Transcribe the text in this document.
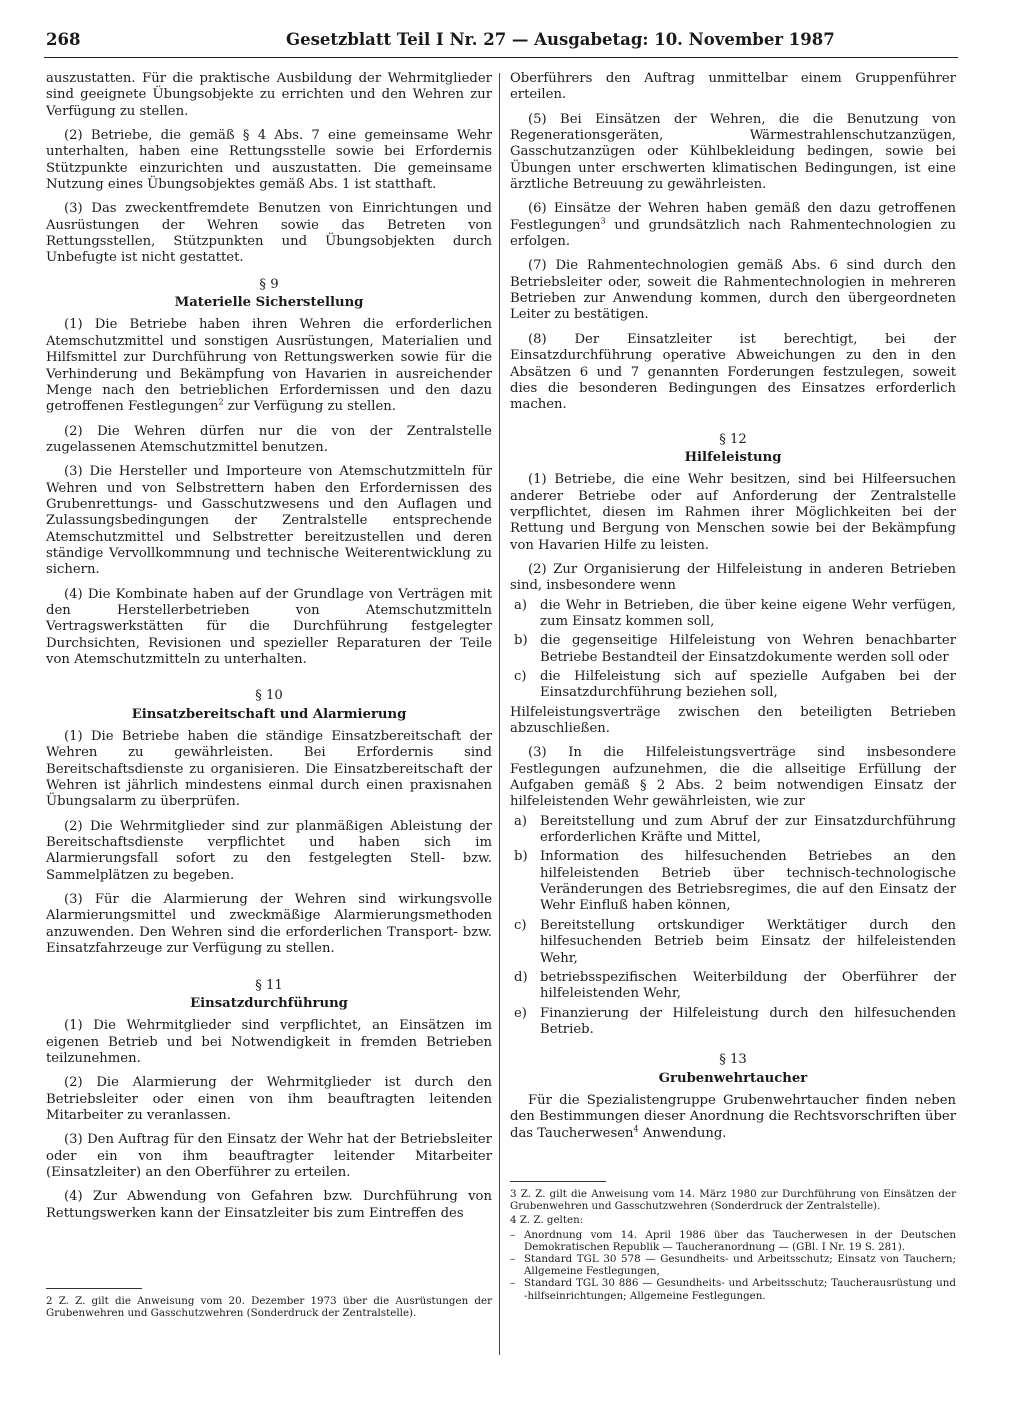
268	Gesetzblatt Teil I Nr. 27 — Ausgabetag: 10. November 1987

auszustatten. Für die praktische Ausbildung der Wehrmitglieder sind geeignete Übungsobjekte zu errichten und den Wehren zur Verfügung zu stellen.

(2) Betriebe, die gemäß § 4 Abs. 7 eine gemeinsame Wehr unterhalten, haben eine Rettungsstelle sowie bei Erfordernis Stützpunkte einzurichten und auszustatten. Die gemeinsame Nutzung eines Übungsobjektes gemäß Abs. 1 ist statthaft.

(3) Das zweckentfremdete Benutzen von Einrichtungen und Ausrüstungen der Wehren sowie das Betreten von Rettungsstellen, Stützpunkten und Übungsobjekten durch Unbefugte ist nicht gestattet.

§ 9
Materielle Sicherstellung

(1) Die Betriebe haben ihren Wehren die erforderlichen Atemschutzmittel und sonstigen Ausrüstungen, Materialien und Hilfsmittel zur Durchführung von Rettungswerken sowie für die Verhinderung und Bekämpfung von Havarien in ausreichender Menge nach den betrieblichen Erfordernissen und den dazu getroffenen Festlegungen$^2$ zur Verfügung zu stellen.

(2) Die Wehren dürfen nur die von der Zentralstelle zugelassenen Atemschutzmittel benutzen.

(3) Die Hersteller und Importeure von Atemschutzmitteln für Wehren und von Selbstrettern haben den Erfordernissen des Grubenrettungs- und Gasschutzwesens und den Auflagen und Zulassungsbedingungen der Zentralstelle entsprechende Atemschutzmittel und Selbstretter bereitzustellen und deren ständige Vervollkommnung und technische Weiterentwicklung zu sichern.

(4) Die Kombinate haben auf der Grundlage von Verträgen mit den Herstellerbetrieben von Atemschutzmitteln Vertragswerkstätten für die Durchführung festgelegter Durchsichten, Revisionen und spezieller Reparaturen der Teile von Atemschutzmitteln zu unterhalten.

§ 10
Einsatzbereitschaft und Alarmierung

(1) Die Betriebe haben die ständige Einsatzbereitschaft der Wehren zu gewährleisten. Bei Erfordernis sind Bereitschaftsdienste zu organisieren. Die Einsatzbereitschaft der Wehren ist jährlich mindestens einmal durch einen praxisnahen Übungsalarm zu überprüfen.

(2) Die Wehrmitglieder sind zur planmäßigen Ableistung der Bereitschaftsdienste verpflichtet und haben sich im Alarmierungsfall sofort zu den festgelegten Stell- bzw. Sammelplätzen zu begeben.

(3) Für die Alarmierung der Wehren sind wirkungsvolle Alarmierungsmittel und zweckmäßige Alarmierungsmethoden anzuwenden. Den Wehren sind die erforderlichen Transport- bzw. Einsatzfahrzeuge zur Verfügung zu stellen.

§ 11
Einsatzdurchführung

(1) Die Wehrmitglieder sind verpflichtet, an Einsätzen im eigenen Betrieb und bei Notwendigkeit in fremden Betrieben teilzunehmen.

(2) Die Alarmierung der Wehrmitglieder ist durch den Betriebsleiter oder einen von ihm beauftragten leitenden Mitarbeiter zu veranlassen.

(3) Den Auftrag für den Einsatz der Wehr hat der Betriebsleiter oder ein von ihm beauftragter leitender Mitarbeiter (Einsatzleiter) an den Oberführer zu erteilen.

(4) Zur Abwendung von Gefahren bzw. Durchführung von Rettungswerken kann der Einsatzleiter bis zum Eintreffen des

2 Z. Z. gilt die Anweisung vom 20. Dezember 1973 über die Ausrüstungen der Grubenwehren und Gasschutzwehren (Sonderdruck der Zentralstelle).

Oberführers den Auftrag unmittelbar einem Gruppenführer erteilen.

(5) Bei Einsätzen der Wehren, die die Benutzung von Regenerationsgeräten, Wärmestrahlenschutzanzügen, Gasschutzanzügen oder Kühlbekleidung bedingen, sowie bei Übungen unter erschwerten klimatischen Bedingungen, ist eine ärztliche Betreuung zu gewährleisten.

(6) Einsätze der Wehren haben gemäß den dazu getroffenen Festlegungen$^3$ und grundsätzlich nach Rahmentechnologien zu erfolgen.

(7) Die Rahmentechnologien gemäß Abs. 6 sind durch den Betriebsleiter oder, soweit die Rahmentechnologien in mehreren Betrieben zur Anwendung kommen, durch den übergeordneten Leiter zu bestätigen.

(8) Der Einsatzleiter ist berechtigt, bei der Einsatzdurchführung operative Abweichungen zu den in den Absätzen 6 und 7 genannten Forderungen festzulegen, soweit dies die besonderen Bedingungen des Einsatzes erforderlich machen.

§ 12
Hilfeleistung

(1) Betriebe, die eine Wehr besitzen, sind bei Hilfeersuchen anderer Betriebe oder auf Anforderung der Zentralstelle verpflichtet, diesen im Rahmen ihrer Möglichkeiten bei der Rettung und Bergung von Menschen sowie bei der Bekämpfung von Havarien Hilfe zu leisten.

(2) Zur Organisierung der Hilfeleistung in anderen Betrieben sind, insbesondere wenn

a) die Wehr in Betrieben, die über keine eigene Wehr verfügen, zum Einsatz kommen soll,
b) die gegenseitige Hilfeleistung von Wehren benachbarter Betriebe Bestandteil der Einsatzdokumente werden soll oder
c)	die Hilfeleistung sich auf spezielle Aufgaben bei der Einsatzdurchführung beziehen soll,

Hilfeleistungsverträge zwischen den beteiligten Betrieben abzuschließen.

(3) In die Hilfeleistungsverträge sind insbesondere Festlegungen aufzunehmen, die die allseitige Erfüllung der Aufgaben gemäß § 2 Abs. 2 beim notwendigen Einsatz der hilfeleistenden Wehr gewährleisten, wie zur

a) Bereitstellung und zum Abruf der zur Einsatzdurchführung erforderlichen Kräfte und Mittel,
b) Information des hilfesuchenden Betriebes an den hilfeleistenden Betrieb über technisch-technologische Veränderungen des Betriebsregimes, die auf den Einsatz der Wehr Einfluß haben können,
c)	Bereitstellung ortskundiger Werktätiger durch den hilfesuchenden Betrieb beim Einsatz der hilfeleistenden Wehr,
d) betriebsspezifischen Weiterbildung der Oberführer der hilfeleistenden Wehr,
e) Finanzierung der Hilfeleistung durch den hilfesuchenden Betrieb.
§ 13
Grubenwehrtaucher

Für die Spezialistengruppe Grubenwehrtaucher finden neben den Bestimmungen dieser Anordnung die Rechtsvorschriften über das Taucherwesen$^4$ Anwendung.

3 Z. Z. gilt die Anweisung vom 14. März 1980 zur Durchführung von Einsätzen der Grubenwehren und Gasschutzwehren (Sonderdruck der Zentralstelle).

4 Z. Z. gelten:

– Anordnung vom 14. April 1986 über das Taucherwesen in der Deutschen Demokratischen Republik — Taucheranordnung — (GBl. I Nr. 19 S. 281).
– Standard TGL 30 578 — Gesundheits- und Arbeitsschutz; Einsatz von Tauchern; Allgemeine Festlegungen,
– Standard TGL 30 886 — Gesundheits- und Arbeitsschutz; Taucherausrüstung und -hilfseinrichtungen; Allgemeine Festlegungen.
